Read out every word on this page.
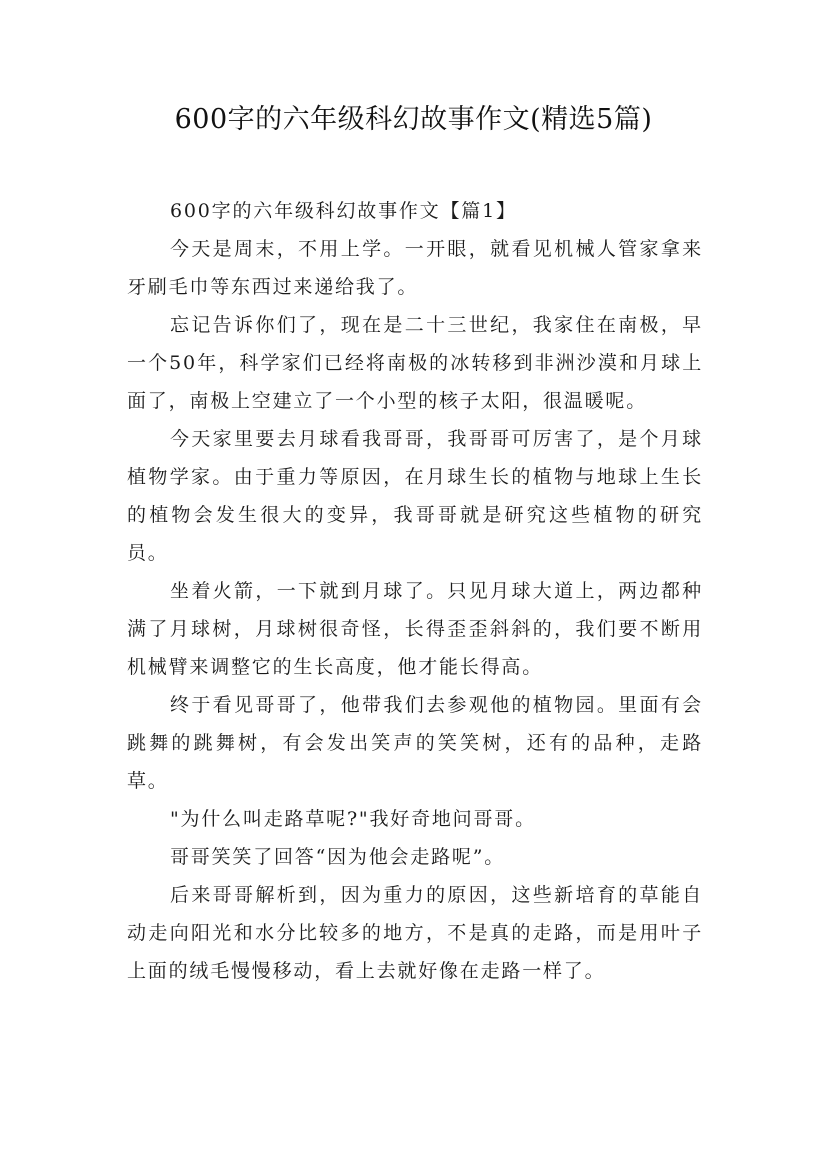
600字的六年级科幻故事作文(精选5篇)

600字的六年级科幻故事作文【篇1】

今天是周末，不用上学。一开眼，就看见机械人管家拿来牙刷毛巾等东西过来递给我了。

忘记告诉你们了，现在是二十三世纪，我家住在南极，早一个50年，科学家们已经将南极的冰转移到非洲沙漠和月球上面了，南极上空建立了一个小型的核子太阳，很温暖呢。

今天家里要去月球看我哥哥，我哥哥可厉害了，是个月球植物学家。由于重力等原因，在月球生长的植物与地球上生长的植物会发生很大的变异，我哥哥就是研究这些植物的研究员。

坐着火箭，一下就到月球了。只见月球大道上，两边都种满了月球树，月球树很奇怪，长得歪歪斜斜的，我们要不断用机械臂来调整它的生长高度，他才能长得高。

终于看见哥哥了，他带我们去参观他的植物园。里面有会跳舞的跳舞树，有会发出笑声的笑笑树，还有的品种，走路草。

"为什么叫走路草呢?"我好奇地问哥哥。

哥哥笑笑了回答“因为他会走路呢”。

后来哥哥解析到，因为重力的原因，这些新培育的草能自动走向阳光和水分比较多的地方，不是真的走路，而是用叶子上面的绒毛慢慢移动，看上去就好像在走路一样了。
